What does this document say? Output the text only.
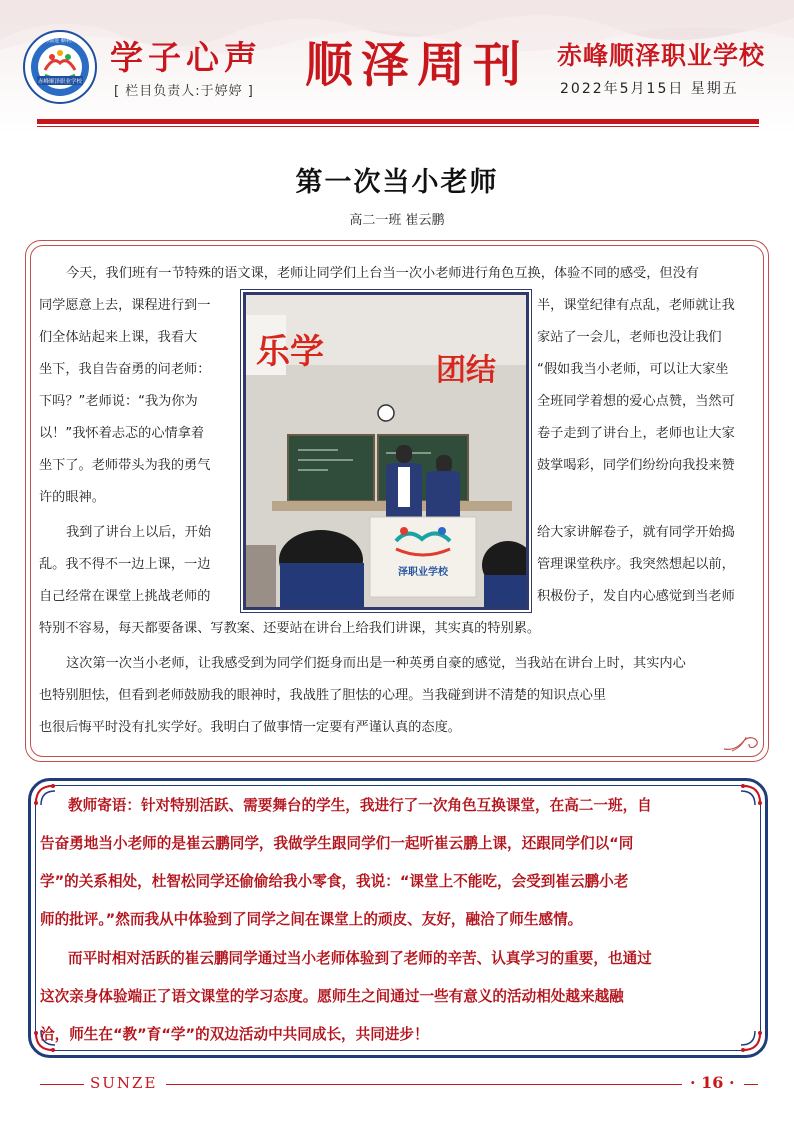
赤峰顺泽职业学校
奋力前进 顺利开启 学子心声
[ 栏目负责人:于婷婷 ] 顺泽周刊 赤峰顺泽职业学校
2022年5月15日 星期五
第一次当小老师
高二一班 崔云鹏
今天，我们班有一节特殊的语文课，老师让同学们上台当一次小老师进行角色互换，体验不同的感受，但没有
同学愿意上去，课程进行到一	半，课堂纪律有点乱，老师就让我
们全体站起来上课，我看大	家站了一会儿，老师也没让我们
坐下，我自告奋勇的问老师：	“假如我当小老师，可以让大家坐
下吗？”老师说：“我为你为	全班同学着想的爱心点赞，当然可
以！”我怀着忐忑的心情拿着	卷子走到了讲台上，老师也让大家
坐下了。老师带头为我的勇气	鼓掌喝彩，同学们纷纷向我投来赞
许的眼神。
我到了讲台上以后，开始	给大家讲解卷子，就有同学开始捣
乱。我不得不一边上课，一边	管理课堂秩序。我突然想起以前，
自己经常在课堂上挑战老师的	积极份子，发自内心感觉到当老师
特别不容易，每天都要备课、写教案、还要站在讲台上给我们讲课，其实真的特别累。
这次第一次当小老师，让我感受到为同学们挺身而出是一种英勇自豪的感觉，当我站在讲台上时，其实内心
也特别胆怯，但看到老师鼓励我的眼神时，我战胜了胆怯的心理。当我碰到讲不清楚的知识点心里
也很后悔平时没有扎实学好。我明白了做事情一定要有严谨认真的态度。
乐学	团结
泽职业学校
教师寄语：针对特别活跃、需要舞台的学生，我进行了一次角色互换课堂，在高二一班，自
告奋勇地当小老师的是崔云鹏同学，我做学生跟同学们一起听崔云鹏上课，还跟同学们以“同
学”的关系相处，杜智松同学还偷偷给我小零食，我说：“课堂上不能吃，会受到崔云鹏小老
师的批评。”然而我从中体验到了同学之间在课堂上的顽皮、友好，融洽了师生感情。
而平时相对活跃的崔云鹏同学通过当小老师体验到了老师的辛苦、认真学习的重要，也通过
这次亲身体验端正了语文课堂的学习态度。愿师生之间通过一些有意义的活动相处越来越融
洽，师生在“教”育“学”的双边活动中共同成长，共同进步！
SUNZE	· 16 ·
